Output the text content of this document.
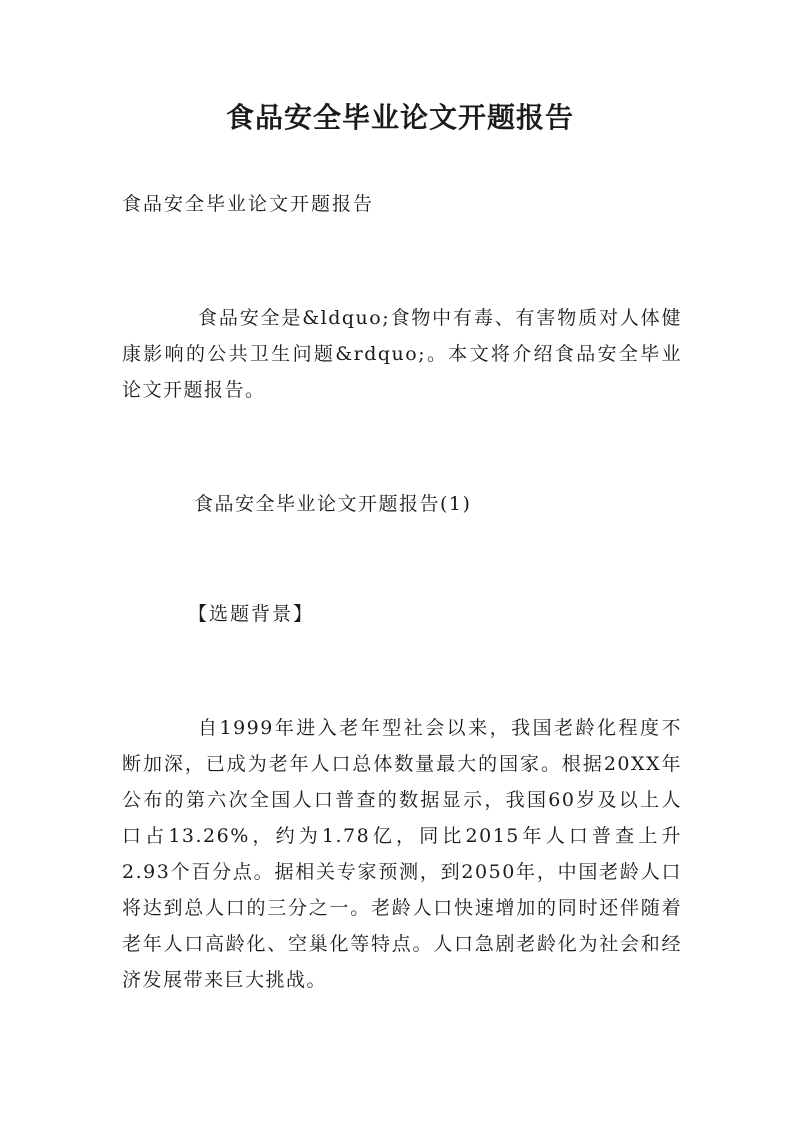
食品安全毕业论文开题报告
食品安全毕业论文开题报告
食品安全是&ldquo;食物中有毒、有害物质对人体健康影响的公共卫生问题&rdquo;。本文将介绍食品安全毕业论文开题报告。
食品安全毕业论文开题报告(1)
【选题背景】
自1999年进入老年型社会以来，我国老龄化程度不断加深，已成为老年人口总体数量最大的国家。根据20XX年公布的第六次全国人口普查的数据显示，我国60岁及以上人口占13.26%，约为1.78亿，同比2015年人口普查上升2.93个百分点。据相关专家预测，到2050年，中国老龄人口将达到总人口的三分之一。老龄人口快速增加的同时还伴随着老年人口高龄化、空巢化等特点。人口急剧老龄化为社会和经济发展带来巨大挑战。
